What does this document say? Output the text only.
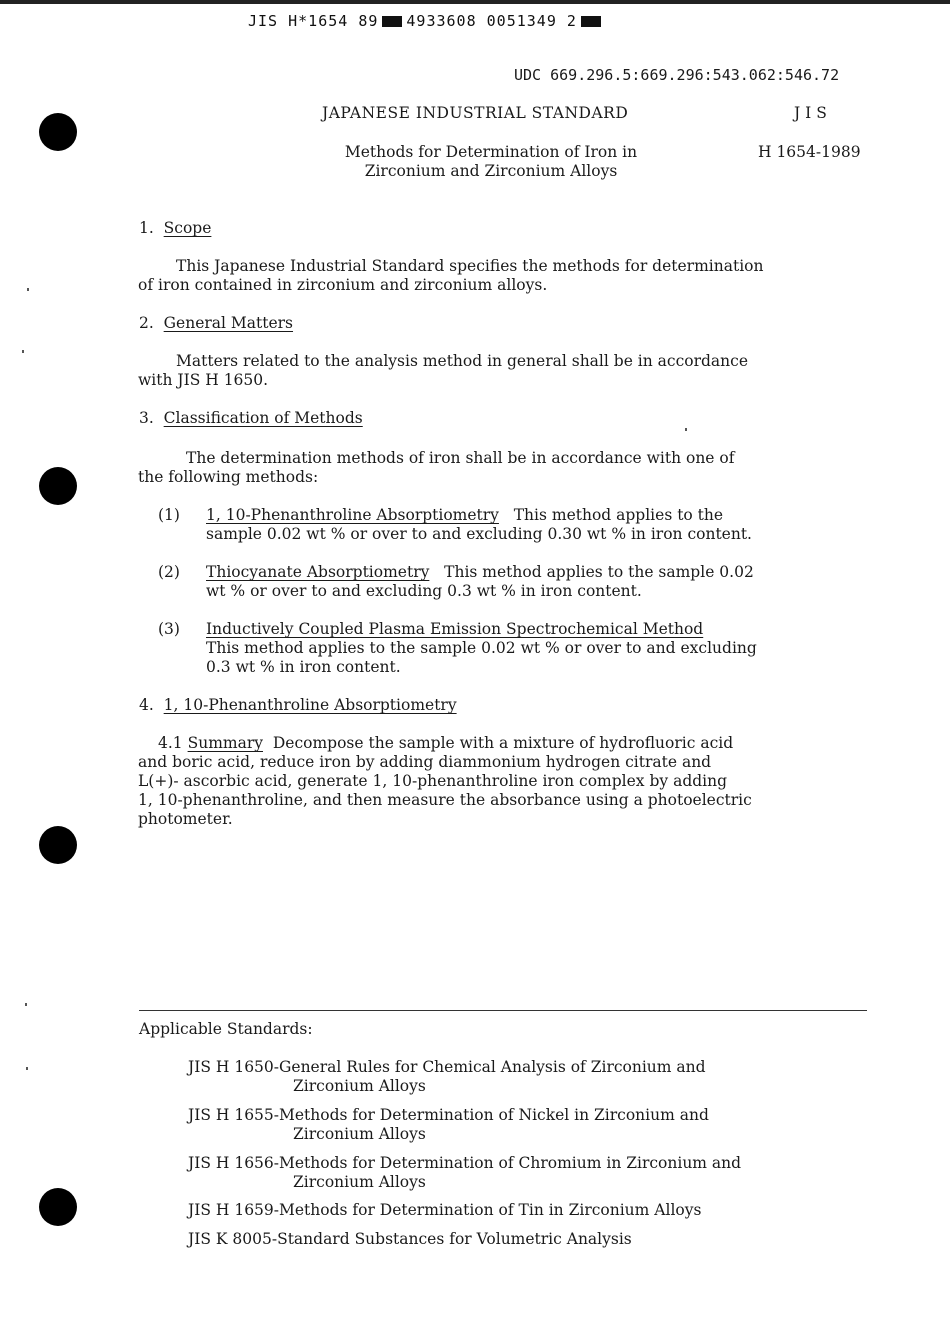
JIS H*1654 89 4933608 0051349 2
UDC 669.296.5:669.296:543.062:546.72
JAPANESE INDUSTRIAL STANDARD	J I S
Methods for Determination of Iron in
Zirconium and Zirconium Alloys
H 1654-1989
1. Scope
This Japanese Industrial Standard specifies the methods for determination
of iron contained in zirconium and zirconium alloys.
2. General Matters
Matters related to the analysis method in general shall be in accordance
with JIS H 1650.
3. Classification of Methods
The determination methods of iron shall be in accordance with one of
the following methods:
(1) 1, 10-Phenanthroline Absorptiometry This method applies to the
sample 0.02 wt % or over to and excluding 0.30 wt % in iron content.
(2) Thiocyanate Absorptiometry This method applies to the sample 0.02
wt % or over to and excluding 0.3 wt % in iron content.
(3) Inductively Coupled Plasma Emission Spectrochemical Method
This method applies to the sample 0.02 wt % or over to and excluding
0.3 wt % in iron content.
4. 1, 10-Phenanthroline Absorptiometry
4.1 Summary Decompose the sample with a mixture of hydrofluoric acid
and boric acid, reduce iron by adding diammonium hydrogen citrate and
L(+)- ascorbic acid, generate 1, 10-phenanthroline iron complex by adding
1, 10-phenanthroline, and then measure the absorbance using a photoelectric
photometer.
Applicable Standards:
JIS H 1650-General Rules for Chemical Analysis of Zirconium and
Zirconium Alloys
JIS H 1655-Methods for Determination of Nickel in Zirconium and
Zirconium Alloys
JIS H 1656-Methods for Determination of Chromium in Zirconium and
Zirconium Alloys
JIS H 1659-Methods for Determination of Tin in Zirconium Alloys
JIS K 8005-Standard Substances for Volumetric Analysis
